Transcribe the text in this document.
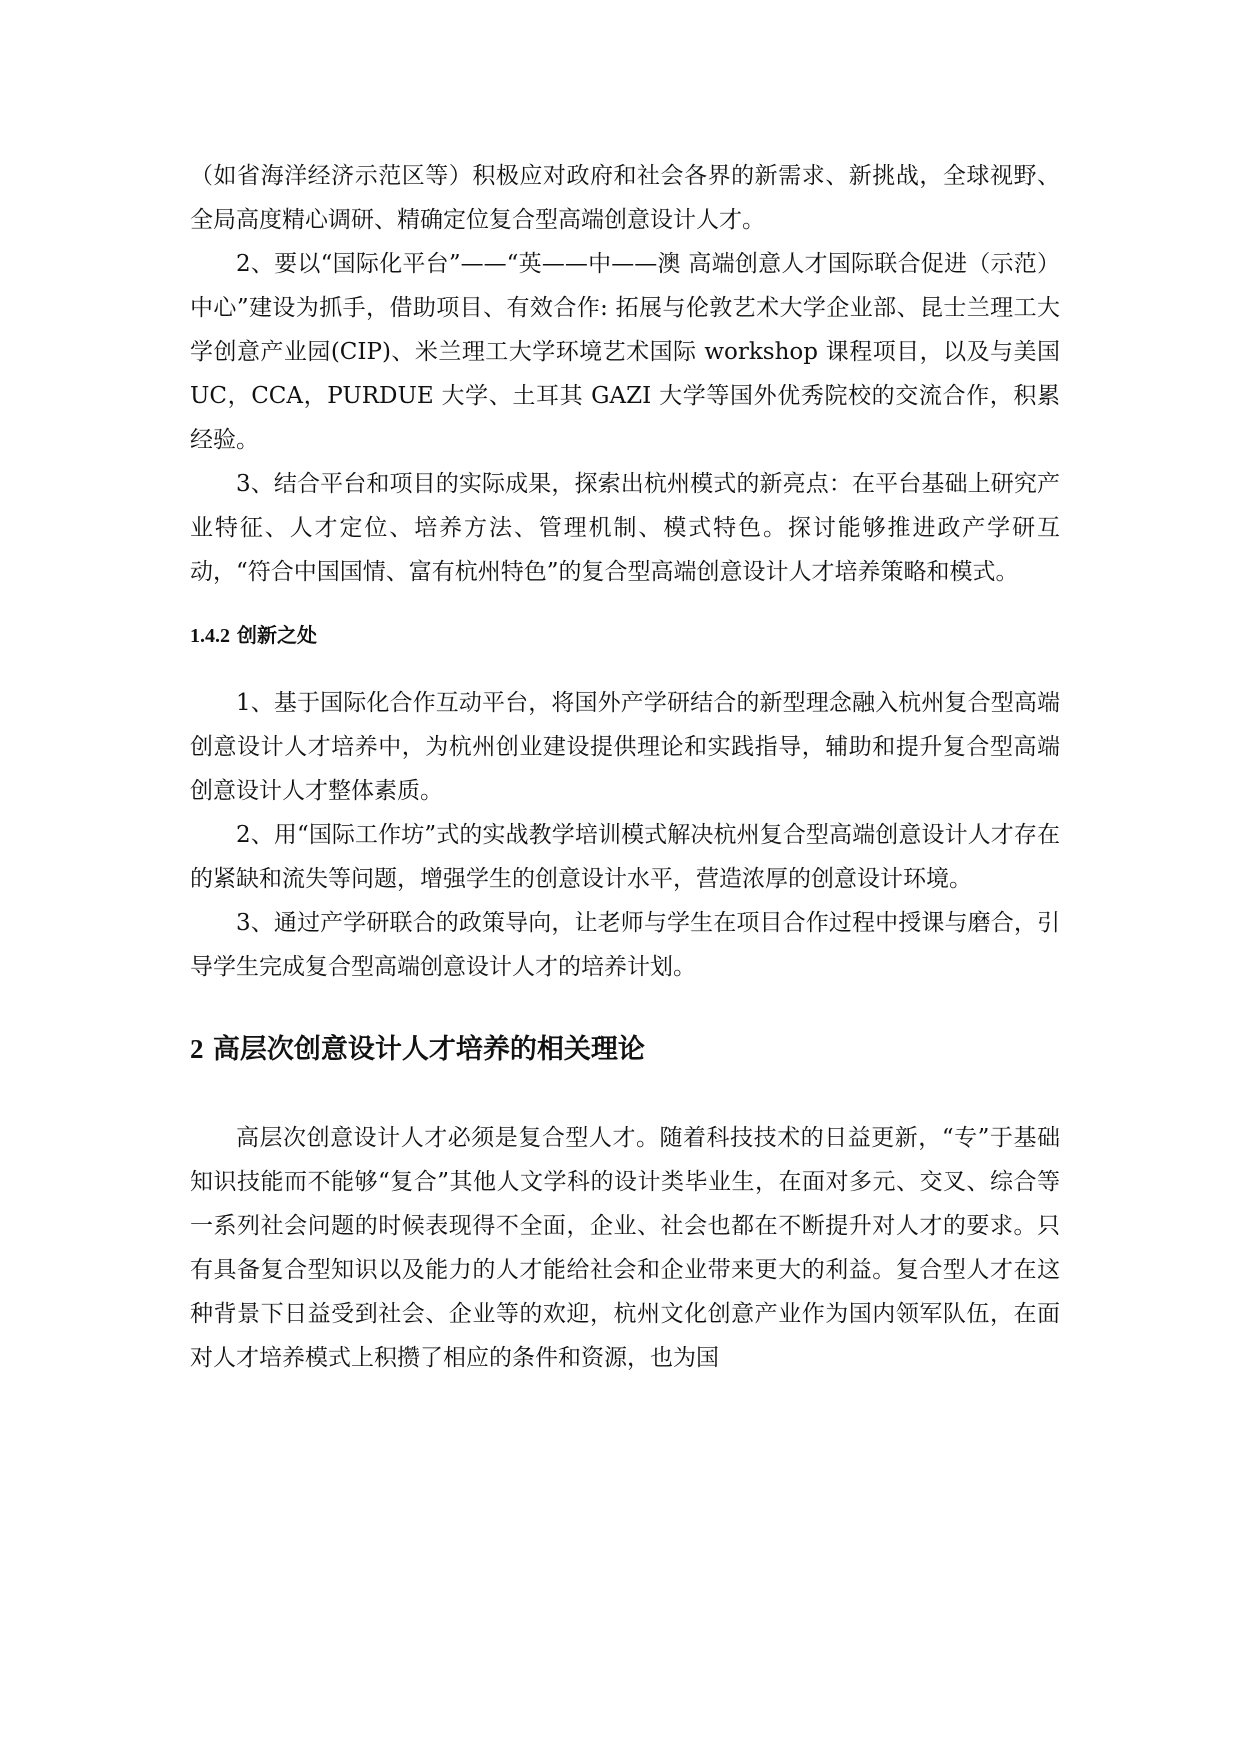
（如省海洋经济示范区等）积极应对政府和社会各界的新需求、新挑战，全球视野、全局高度精心调研、精确定位复合型高端创意设计人才。

2、要以“国际化平台”——“英——中——澳 高端创意人才国际联合促进（示范）中心”建设为抓手，借助项目、有效合作: 拓展与伦敦艺术大学企业部、昆士兰理工大学创意产业园(CIP)、米兰理工大学环境艺术国际 workshop 课程项目，以及与美国 UC，CCA，PURDUE 大学、土耳其 GAZI 大学等国外优秀院校的交流合作，积累经验。

3、结合平台和项目的实际成果，探索出杭州模式的新亮点：在平台基础上研究产业特征、人才定位、培养方法、管理机制、模式特色。探讨能够推进政产学研互动，“符合中国国情、富有杭州特色”的复合型高端创意设计人才培养策略和模式。

1.4.2 创新之处

1、基于国际化合作互动平台，将国外产学研结合的新型理念融入杭州复合型高端创意设计人才培养中，为杭州创业建设提供理论和实践指导，辅助和提升复合型高端创意设计人才整体素质。

2、用“国际工作坊”式的实战教学培训模式解决杭州复合型高端创意设计人才存在的紧缺和流失等问题，增强学生的创意设计水平，营造浓厚的创意设计环境。

3、通过产学研联合的政策导向，让老师与学生在项目合作过程中授课与磨合，引导学生完成复合型高端创意设计人才的培养计划。

2 高层次创意设计人才培养的相关理论

高层次创意设计人才必须是复合型人才。随着科技技术的日益更新，“专”于基础知识技能而不能够“复合”其他人文学科的设计类毕业生，在面对多元、交叉、综合等一系列社会问题的时候表现得不全面，企业、社会也都在不断提升对人才的要求。只有具备复合型知识以及能力的人才能给社会和企业带来更大的利益。复合型人才在这种背景下日益受到社会、企业等的欢迎，杭州文化创意产业作为国内领军队伍，在面对人才培养模式上积攒了相应的条件和资源，也为国
